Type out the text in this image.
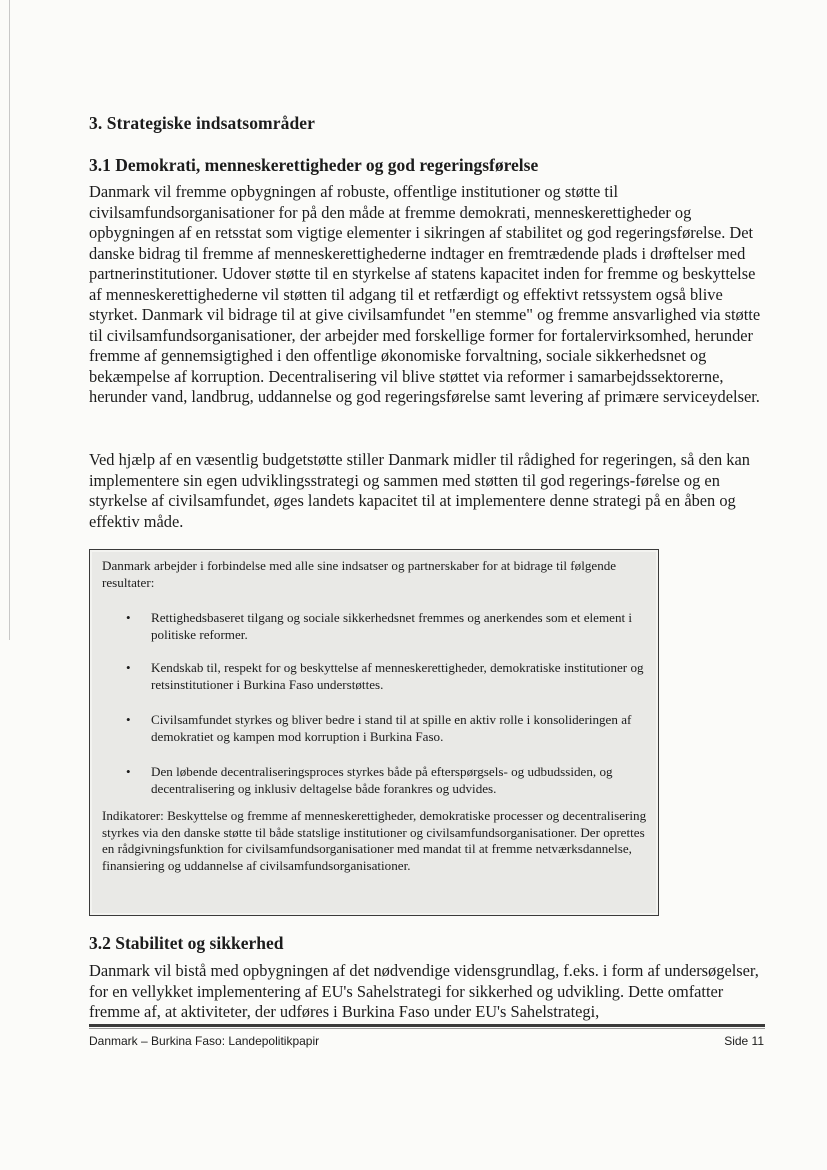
3. Strategiske indsatsområder
3.1 Demokrati, menneskerettigheder og god regeringsførelse

Danmark vil fremme opbygningen af robuste, offentlige institutioner og støtte til civilsamfundsorganisationer for på den måde at fremme demokrati, menneskerettigheder og opbygningen af en retsstat som vigtige elementer i sikringen af stabilitet og god regeringsførelse. Det danske bidrag til fremme af menneskerettighederne indtager en fremtrædende plads i drøftelser med partnerinstitutioner. Udover støtte til en styrkelse af statens kapacitet inden for fremme og beskyttelse af menneskerettighederne vil støtten til adgang til et retfærdigt og effektivt retssystem også blive styrket. Danmark vil bidrage til at give civilsamfundet "en stemme" og fremme ansvarlighed via støtte til civilsamfundsorganisationer, der arbejder med forskellige former for fortalervirksomhed, herunder fremme af gennemsigtighed i den offentlige økonomiske forvaltning, sociale sikkerhedsnet og bekæmpelse af korruption. Decentralisering vil blive støttet via reformer i samarbejdssektorerne, herunder vand, landbrug, uddannelse og god regeringsførelse samt levering af primære serviceydelser.

Ved hjælp af en væsentlig budgetstøtte stiller Danmark midler til rådighed for regeringen, så den kan implementere sin egen udviklingsstrategi og sammen med støtten til god regerings-førelse og en styrkelse af civilsamfundet, øges landets kapacitet til at implementere denne strategi på en åben og effektiv måde.

Danmark arbejder i forbindelse med alle sine indsatser og partnerskaber for at bidrage til følgende resultater:

• Rettighedsbaseret tilgang og sociale sikkerhedsnet fremmes og anerkendes som et element i politiske reformer.
• Kendskab til, respekt for og beskyttelse af menneskerettigheder, demokratiske institutioner og retsinstitutioner i Burkina Faso understøttes.
• Civilsamfundet styrkes og bliver bedre i stand til at spille en aktiv rolle i konsolideringen af demokratiet og kampen mod korruption i Burkina Faso.
• Den løbende decentraliseringsproces styrkes både på efterspørgsels- og udbudssiden, og decentralisering og inklusiv deltagelse både forankres og udvides.

Indikatorer: Beskyttelse og fremme af menneskerettigheder, demokratiske processer og decentralisering styrkes via den danske støtte til både statslige institutioner og civilsamfundsorganisationer. Der oprettes en rådgivningsfunktion for civilsamfundsorganisationer med mandat til at fremme netværksdannelse, finansiering og uddannelse af civilsamfundsorganisationer.

3.2 Stabilitet og sikkerhed

Danmark vil bistå med opbygningen af det nødvendige vidensgrundlag, f.eks. i form af undersøgelser, for en vellykket implementering af EU's Sahelstrategi for sikkerhed og udvikling. Dette omfatter fremme af, at aktiviteter, der udføres i Burkina Faso under EU's Sahelstrategi,

Danmark – Burkina Faso: Landepolitikpapir	Side 11
